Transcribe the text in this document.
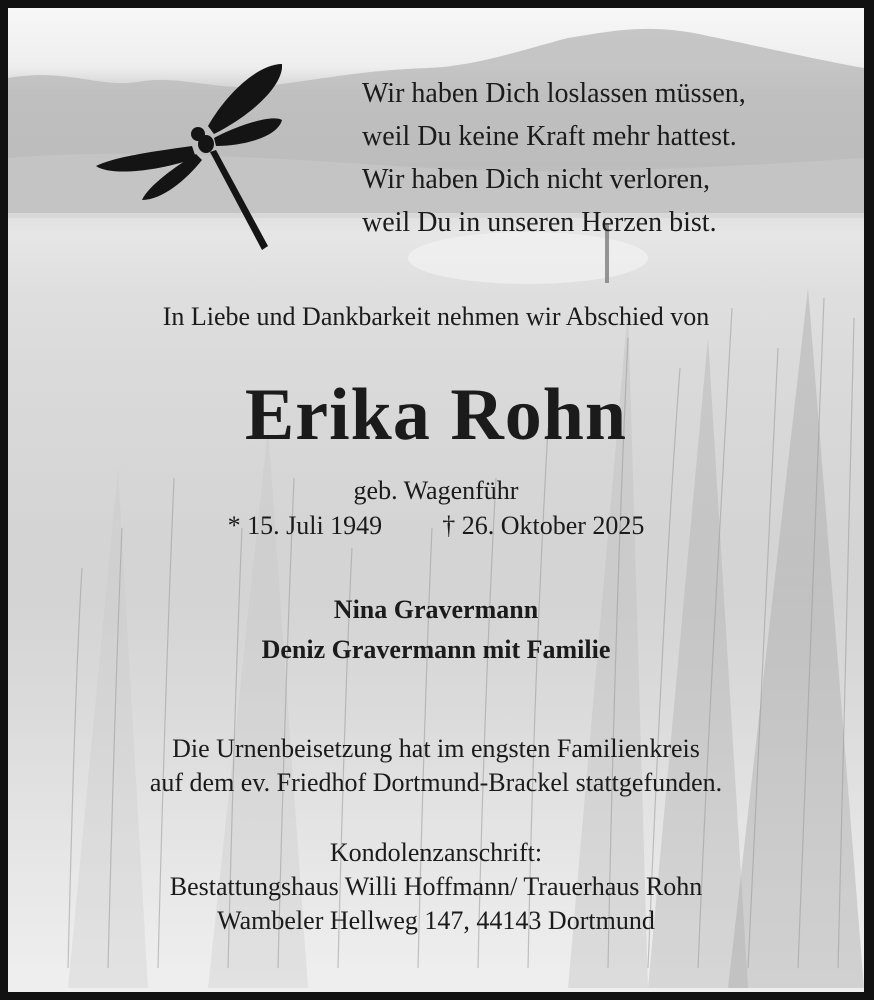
Wir haben Dich loslassen müssen,
weil Du keine Kraft mehr hattest.
Wir haben Dich nicht verloren,
weil Du in unseren Herzen bist.
In Liebe und Dankbarkeit nehmen wir Abschied von
Erika Rohn
geb. Wagenführ
* 15. Juli 1949 † 26. Oktober 2025
Nina Gravermann
Deniz Gravermann mit Familie
Die Urnenbeisetzung hat im engsten Familienkreis
auf dem ev. Friedhof Dortmund-Brackel stattgefunden.
Kondolenzanschrift:
Bestattungshaus Willi Hoffmann/ Trauerhaus Rohn
Wambeler Hellweg 147, 44143 Dortmund
